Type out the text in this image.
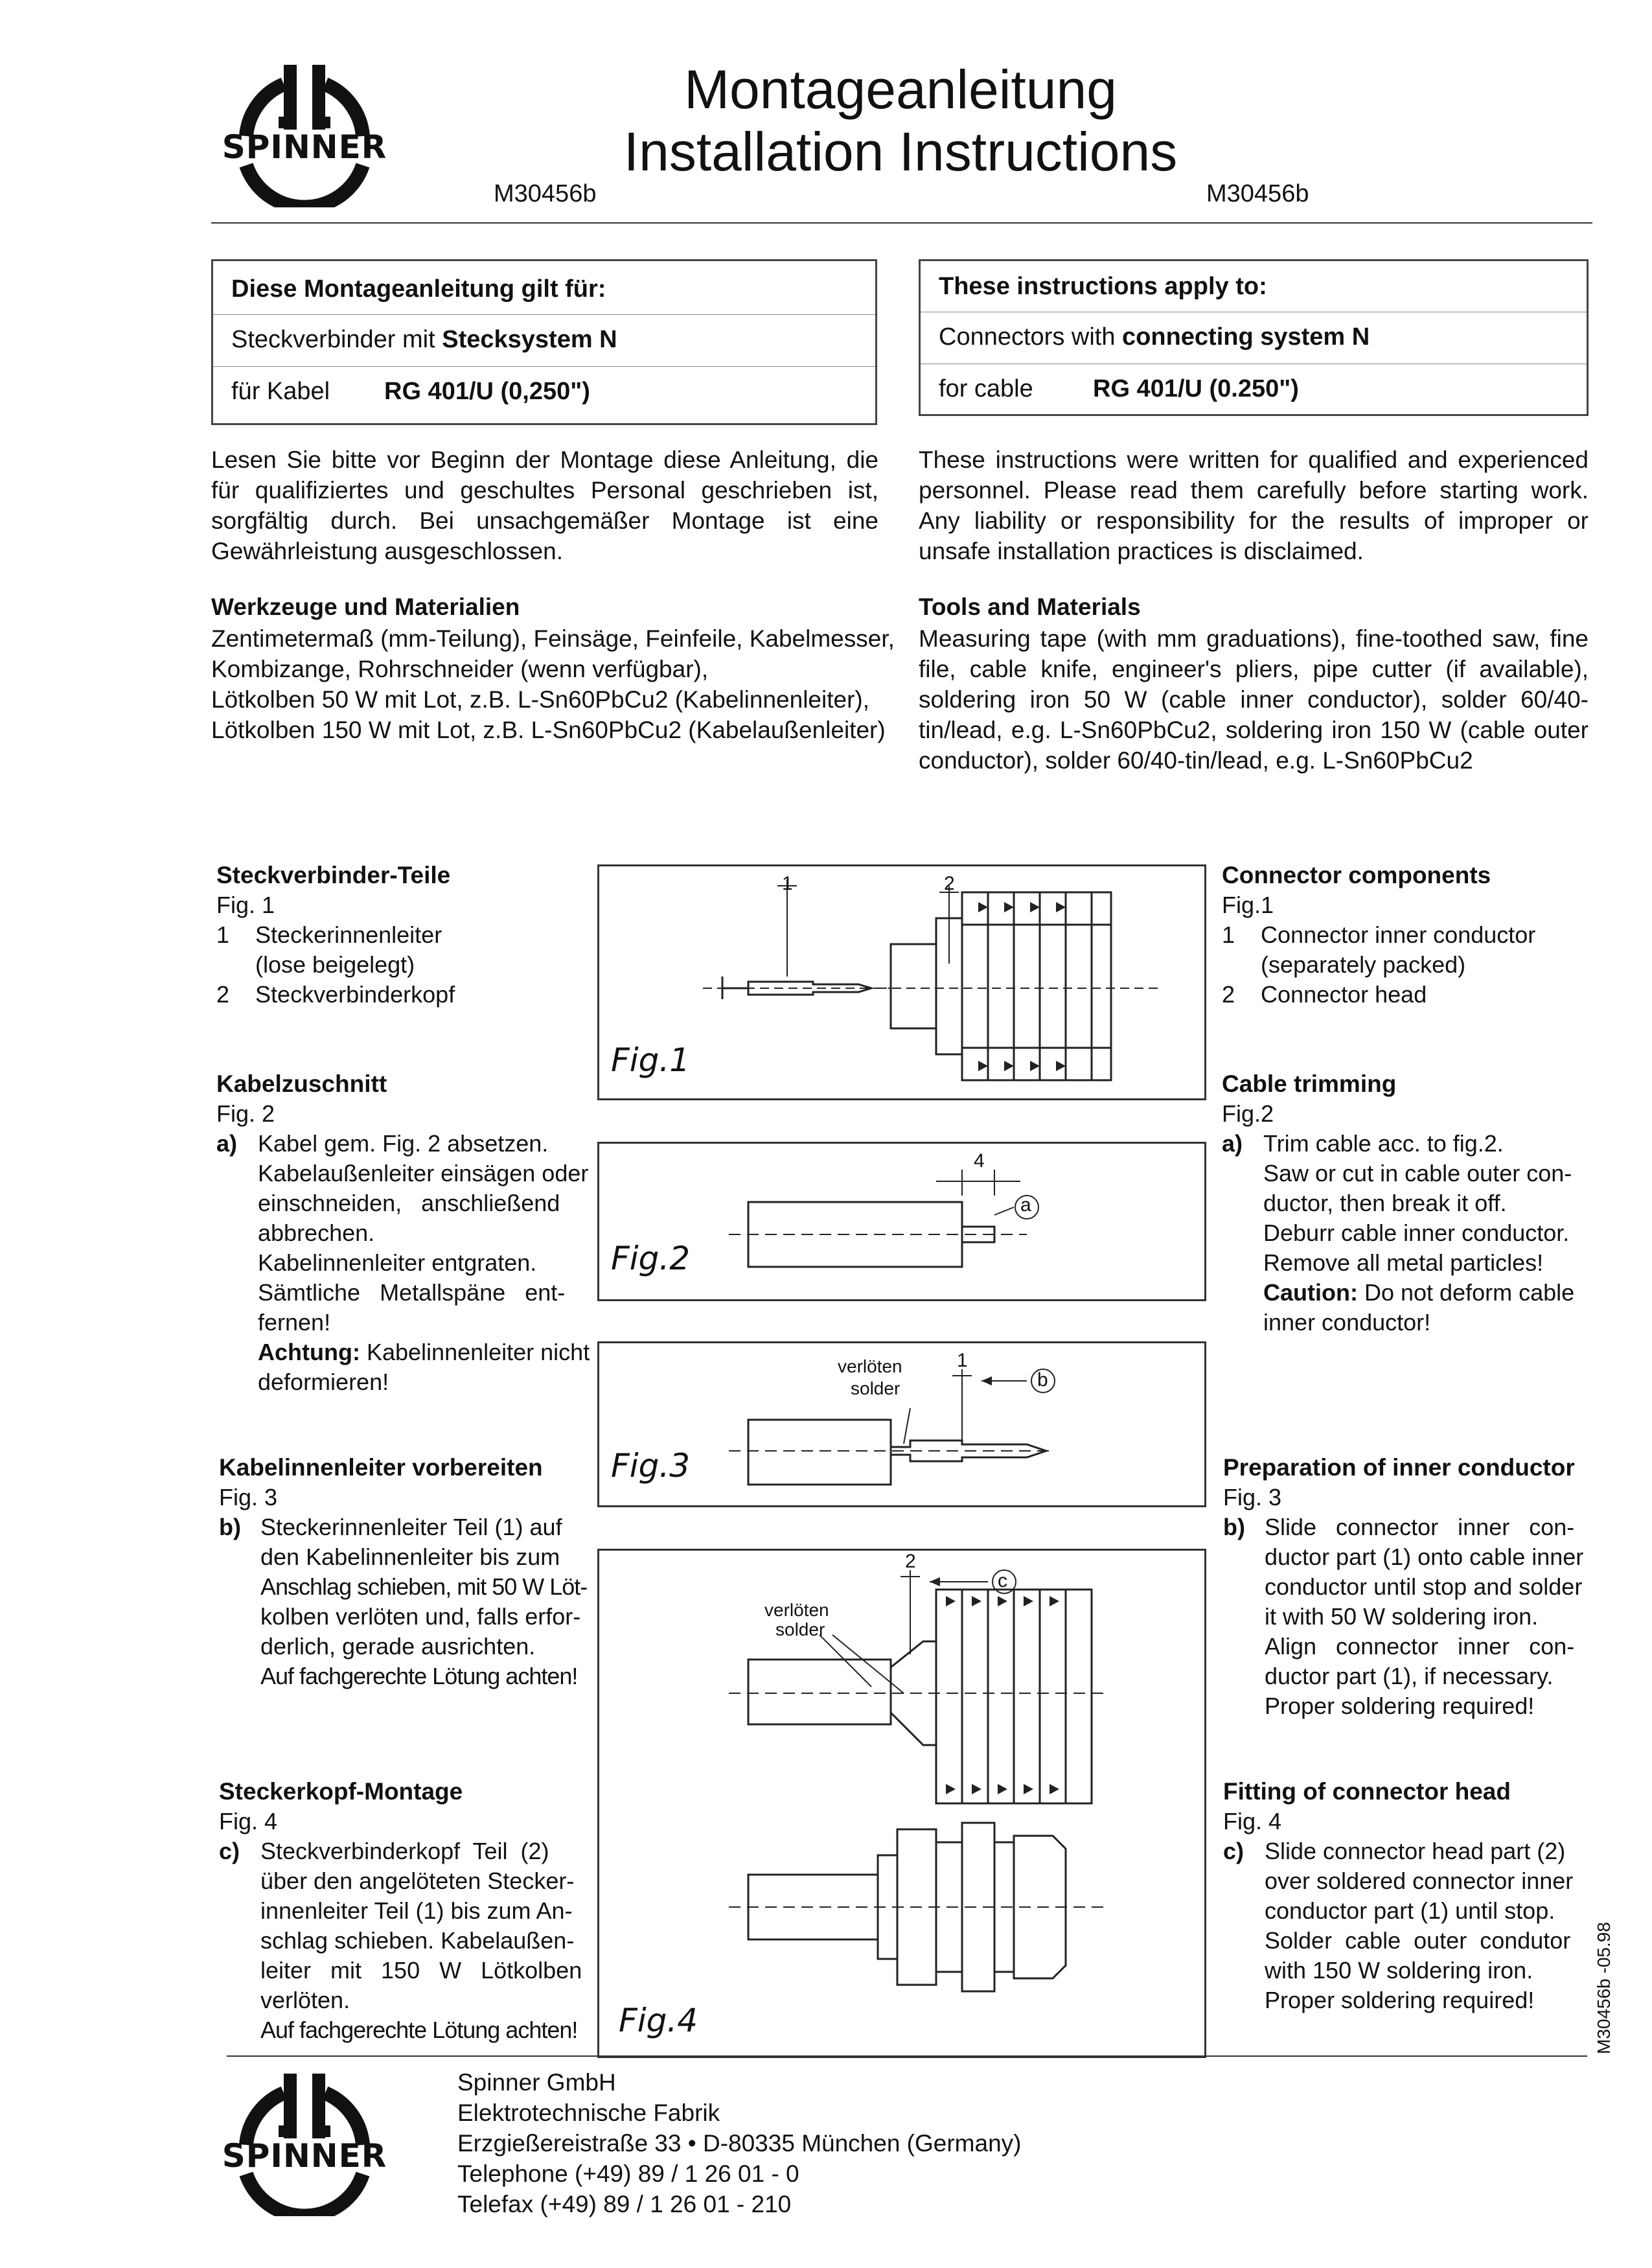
SPINNER
Montageanleitung
Installation Instructions
M30456b	M30456b
Diese Montageanleitung gilt für:
Steckverbinder mit Stecksystem N
für Kabel RG 401/U (0,250")
These instructions apply to:
Connectors with connecting system N
for cable RG 401/U (0.250")
Lesen Sie bitte vor Beginn der Montage diese Anleitung, die für qualifiziertes und geschultes Personal geschrieben ist, sorgfältig durch. Bei unsachgemäßer Montage ist eine Gewährleistung ausgeschlossen.
These instructions were written for qualified and experienced personnel. Please read them carefully before starting work. Any liability or responsibility for the results of improper or unsafe installation practices is disclaimed.
Werkzeuge und Materialien
Zentimetermaß (mm-Teilung), Feinsäge, Feinfeile, Kabelmesser,
Kombizange, Rohrschneider (wenn verfügbar),
Lötkolben 50 W mit Lot, z.B. L-Sn60PbCu2 (Kabelinnenleiter),
Lötkolben 150 W mit Lot, z.B. L-Sn60PbCu2 (Kabelaußenleiter)
Tools and Materials
Measuring tape (with mm graduations), fine-toothed saw, fine file, cable knife, engineer's pliers, pipe cutter (if available), soldering iron 50 W (cable inner conductor), solder 60/40-tin/lead, e.g. L-Sn60PbCu2, soldering iron 150 W (cable outer conductor), solder 60/40-tin/lead, e.g. L-Sn60PbCu2
Steckverbinder-Teile
Fig. 1
1    Steckerinnenleiter
(lose beigelegt)
2    Steckverbinderkopf
Connector components
Fig.1
1    Connector inner conductor
(separately packed)
2    Connector head
Kabelzuschnitt
Fig. 2
a) Kabel gem. Fig. 2 absetzen.
Kabelaußenleiter einsägen oder
einschneiden,   anschließend
abbrechen.
Kabelinnenleiter entgraten.
Sämtliche   Metallspäne   ent-
fernen!
Achtung: Kabelinnenleiter nicht
deformieren!
Cable trimming
Fig.2
a) Trim cable acc. to fig.2.
Saw or cut in cable outer con-
ductor, then break it off.
Deburr cable inner conductor.
Remove all metal particles!
Caution: Do not deform cable
inner conductor!
Kabelinnenleiter vorbereiten
Fig. 3
b) Steckerinnenleiter Teil (1) auf
den Kabelinnenleiter bis zum
Anschlag schieben, mit 50 W Löt-
kolben verlöten und, falls erfor-
derlich, gerade ausrichten.
Auf fachgerechte Lötung achten!
Preparation of inner conductor
Fig. 3
b) Slide   connector   inner   con-
ductor part (1) onto cable inner
conductor until stop and solder
it with 50 W soldering iron.
Align   connector   inner   con-
ductor part (1), if necessary.
Proper soldering required!
Steckerkopf-Montage
Fig. 4
c) Steckverbinderkopf  Teil  (2)
über den angelöteten Stecker-
innenleiter Teil (1) bis zum An-
schlag schieben. Kabelaußen-
leiter   mit   150   W   Lötkolben
verlöten.
Auf fachgerechte Lötung achten!
Fitting of connector head
Fig. 4
c) Slide connector head part (2)
over soldered connector inner
conductor part (1) until stop.
Solder  cable  outer  condutor
with 150 W soldering iron.
Proper soldering required!
1	2
Fig.1
4
a
Fig.2
1
b
verlöten
solder
Fig.3
2
c
verlöten
solder
Fig.4
SPINNER
Spinner GmbH
Elektrotechnische Fabrik
Erzgießereistraße 33 • D-80335 München (Germany)
Telephone (+49) 89 / 1 26 01 - 0
Telefax (+49) 89 / 1 26 01 - 210
M30456b -05.98
